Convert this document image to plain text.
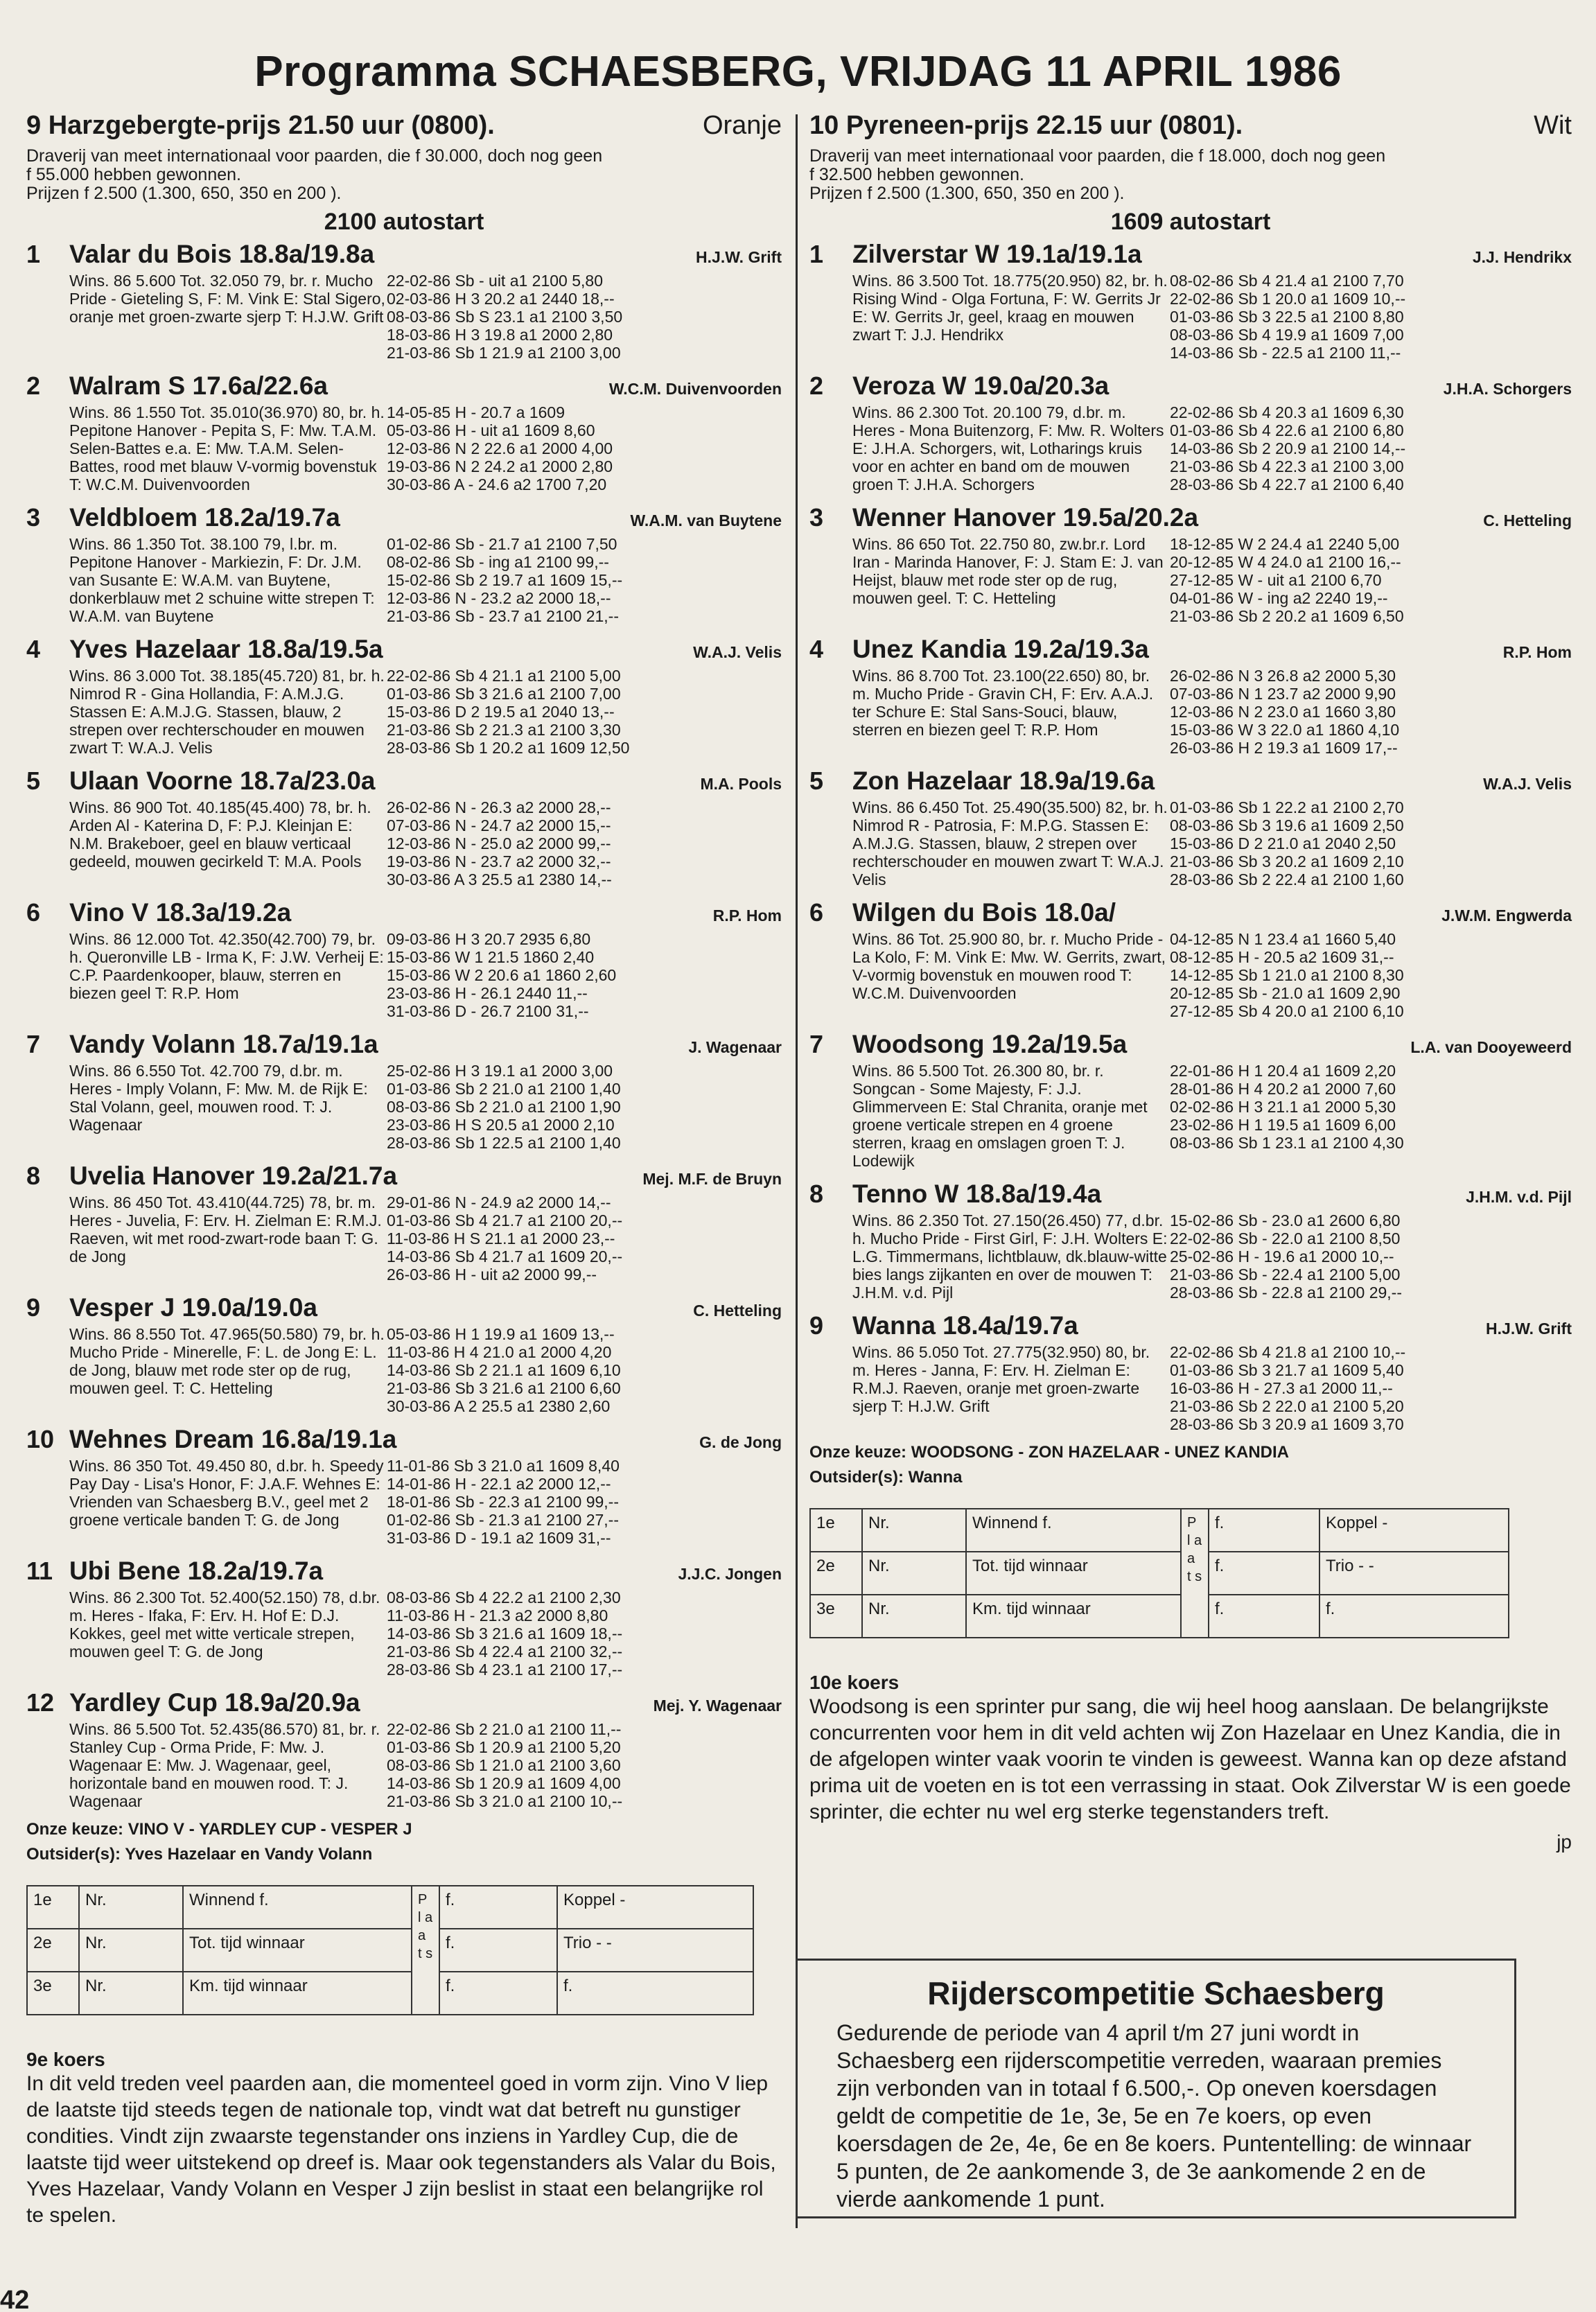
Programma SCHAESBERG, VRIJDAG 11 APRIL 1986
9 Harzgebergte-prijs 21.50 uur (0800).	Oranje
Draverij van meet internationaal voor paarden, die f 30.000, doch nog geen
f 55.000 hebben gewonnen.
Prijzen f 2.500 (1.300, 650, 350 en 200 ).
2100 autostart
1	Valar du Bois 18.8a/19.8a	H.J.W. Grift
Wins. 86 5.600 Tot. 32.050 79, br. r. Mucho Pride - Gieteling S, F: M. Vink E: Stal Sigero, oranje met groen-zwarte sjerp T: H.J.W. Grift
22-02-86 Sb - uit a1 2100 5,80
02-03-86 H 3 20.2 a1 2440 18,--
08-03-86 Sb S 23.1 a1 2100 3,50
18-03-86 H 3 19.8 a1 2000 2,80
21-03-86 Sb 1 21.9 a1 2100 3,00
2	Walram S 17.6a/22.6a	W.C.M. Duivenvoorden
Wins. 86 1.550 Tot. 35.010(36.970) 80, br. h. Pepitone Hanover - Pepita S, F: Mw. T.A.M. Selen-Battes e.a. E: Mw. T.A.M. Selen-Battes, rood met blauw V-vormig bovenstuk T: W.C.M. Duivenvoorden
14-05-85 H - 20.7 a 1609
05-03-86 H - uit a1 1609 8,60
12-03-86 N 2 22.6 a1 2000 4,00
19-03-86 N 2 24.2 a1 2000 2,80
30-03-86 A - 24.6 a2 1700 7,20
3	Veldbloem 18.2a/19.7a	W.A.M. van Buytene
Wins. 86 1.350 Tot. 38.100 79, l.br. m. Pepitone Hanover - Markiezin, F: Dr. J.M. van Susante E: W.A.M. van Buytene, donkerblauw met 2 schuine witte strepen T: W.A.M. van Buytene
01-02-86 Sb - 21.7 a1 2100 7,50
08-02-86 Sb - ing a1 2100 99,--
15-02-86 Sb 2 19.7 a1 1609 15,--
12-03-86 N - 23.2 a2 2000 18,--
21-03-86 Sb - 23.7 a1 2100 21,--
4	Yves Hazelaar 18.8a/19.5a	W.A.J. Velis
Wins. 86 3.000 Tot. 38.185(45.720) 81, br. h. Nimrod R - Gina Hollandia, F: A.M.J.G. Stassen E: A.M.J.G. Stassen, blauw, 2 strepen over rechterschouder en mouwen zwart T: W.A.J. Velis
22-02-86 Sb 4 21.1 a1 2100 5,00
01-03-86 Sb 3 21.6 a1 2100 7,00
15-03-86 D 2 19.5 a1 2040 13,--
21-03-86 Sb 2 21.3 a1 2100 3,30
28-03-86 Sb 1 20.2 a1 1609 12,50
5	Ulaan Voorne 18.7a/23.0a	M.A. Pools
Wins. 86 900 Tot. 40.185(45.400) 78, br. h. Arden Al - Katerina D, F: P.J. Kleinjan E: N.M. Brakeboer, geel en blauw verticaal gedeeld, mouwen gecirkeld T: M.A. Pools
26-02-86 N - 26.3 a2 2000 28,--
07-03-86 N - 24.7 a2 2000 15,--
12-03-86 N - 25.0 a2 2000 99,--
19-03-86 N - 23.7 a2 2000 32,--
30-03-86 A 3 25.5 a1 2380 14,--
6	Vino V 18.3a/19.2a	R.P. Hom
Wins. 86 12.000 Tot. 42.350(42.700) 79, br. h. Queronville LB - Irma K, F: J.W. Verheij E: C.P. Paardenkooper, blauw, sterren en biezen geel T: R.P. Hom
09-03-86 H 3 20.7 2935 6,80
15-03-86 W 1 21.5 1860 2,40
15-03-86 W 2 20.6 a1 1860 2,60
23-03-86 H - 26.1 2440 11,--
31-03-86 D - 26.7 2100 31,--
7	Vandy Volann 18.7a/19.1a	J. Wagenaar
Wins. 86 6.550 Tot. 42.700 79, d.br. m. Heres - Imply Volann, F: Mw. M. de Rijk E: Stal Volann, geel, mouwen rood. T: J. Wagenaar
25-02-86 H 3 19.1 a1 2000 3,00
01-03-86 Sb 2 21.0 a1 2100 1,40
08-03-86 Sb 2 21.0 a1 2100 1,90
23-03-86 H S 20.5 a1 2000 2,10
28-03-86 Sb 1 22.5 a1 2100 1,40
8	Uvelia Hanover 19.2a/21.7a	Mej. M.F. de Bruyn
Wins. 86 450 Tot. 43.410(44.725) 78, br. m. Heres - Juvelia, F: Erv. H. Zielman E: R.M.J. Raeven, wit met rood-zwart-rode baan T: G. de Jong
29-01-86 N - 24.9 a2 2000 14,--
01-03-86 Sb 4 21.7 a1 2100 20,--
11-03-86 H S 21.1 a1 2000 23,--
14-03-86 Sb 4 21.7 a1 1609 20,--
26-03-86 H - uit a2 2000 99,--
9	Vesper J 19.0a/19.0a	C. Hetteling
Wins. 86 8.550 Tot. 47.965(50.580) 79, br. h. Mucho Pride - Minerelle, F: L. de Jong E: L. de Jong, blauw met rode ster op de rug, mouwen geel. T: C. Hetteling
05-03-86 H 1 19.9 a1 1609 13,--
11-03-86 H 4 21.0 a1 2000 4,20
14-03-86 Sb 2 21.1 a1 1609 6,10
21-03-86 Sb 3 21.6 a1 2100 6,60
30-03-86 A 2 25.5 a1 2380 2,60
10 Wehnes Dream 16.8a/19.1a	G. de Jong
Wins. 86 350 Tot. 49.450 80, d.br. h. Speedy Pay Day - Lisa's Honor, F: J.A.F. Wehnes E: Vrienden van Schaesberg B.V., geel met 2 groene verticale banden T: G. de Jong
11-01-86 Sb 3 21.0 a1 1609 8,40
14-01-86 H - 22.1 a2 2000 12,--
18-01-86 Sb - 22.3 a1 2100 99,--
01-02-86 Sb - 21.3 a1 2100 27,--
31-03-86 D - 19.1 a2 1609 31,--
11 Ubi Bene 18.2a/19.7a	J.J.C. Jongen
Wins. 86 2.300 Tot. 52.400(52.150) 78, d.br. m. Heres - Ifaka, F: Erv. H. Hof E: D.J. Kokkes, geel met witte verticale strepen, mouwen geel T: G. de Jong
08-03-86 Sb 4 22.2 a1 2100 2,30
11-03-86 H - 21.3 a2 2000 8,80
14-03-86 Sb 3 21.6 a1 1609 18,--
21-03-86 Sb 4 22.4 a1 2100 32,--
28-03-86 Sb 4 23.1 a1 2100 17,--
12 Yardley Cup 18.9a/20.9a	Mej. Y. Wagenaar
Wins. 86 5.500 Tot. 52.435(86.570) 81, br. r. Stanley Cup - Orma Pride, F: Mw. J. Wagenaar E: Mw. J. Wagenaar, geel, horizontale band en mouwen rood. T: J. Wagenaar
22-02-86 Sb 2 21.0 a1 2100 11,--
01-03-86 Sb 1 20.9 a1 2100 5,20
08-03-86 Sb 1 21.0 a1 2100 3,60
14-03-86 Sb 1 20.9 a1 1609 4,00
21-03-86 Sb 3 21.0 a1 2100 10,--
Onze keuze: VINO V - YARDLEY CUP - VESPER J
Outsider(s): Yves Hazelaar en Vandy Volann
1e	Nr.	Winnend f.	P l a a t s	f.	Koppel -
2e	Nr.	Tot. tijd winnaar		f.	Trio - -
3e	Nr.	Km. tijd winnaar		f.	f.
9e koers
In dit veld treden veel paarden aan, die momenteel goed in vorm zijn. Vino V liep de laatste tijd steeds tegen de nationale top, vindt wat dat betreft nu gunstiger condities. Vindt zijn zwaarste tegenstander ons inziens in Yardley Cup, die de laatste tijd weer uitstekend op dreef is. Maar ook tegenstanders als Valar du Bois, Yves Hazelaar, Vandy Volann en Vesper J zijn beslist in staat een belangrijke rol te spelen.
10 Pyreneen-prijs 22.15 uur (0801).	Wit
Draverij van meet internationaal voor paarden, die f 18.000, doch nog geen
f 32.500 hebben gewonnen.
Prijzen f 2.500 (1.300, 650, 350 en 200 ).
1609 autostart
1	Zilverstar W 19.1a/19.1a	J.J. Hendrikx
Wins. 86 3.500 Tot. 18.775(20.950) 82, br. h. Rising Wind - Olga Fortuna, F: W. Gerrits Jr E: W. Gerrits Jr, geel, kraag en mouwen zwart T: J.J. Hendrikx
08-02-86 Sb 4 21.4 a1 2100 7,70
22-02-86 Sb 1 20.0 a1 1609 10,--
01-03-86 Sb 3 22.5 a1 2100 8,80
08-03-86 Sb 4 19.9 a1 1609 7,00
14-03-86 Sb - 22.5 a1 2100 11,--
2	Veroza W 19.0a/20.3a	J.H.A. Schorgers
Wins. 86 2.300 Tot. 20.100 79, d.br. m. Heres - Mona Buitenzorg, F: Mw. R. Wolters E: J.H.A. Schorgers, wit, Lotharings kruis voor en achter en band om de mouwen groen T: J.H.A. Schorgers
22-02-86 Sb 4 20.3 a1 1609 6,30
01-03-86 Sb 4 22.6 a1 2100 6,80
14-03-86 Sb 2 20.9 a1 2100 14,--
21-03-86 Sb 4 22.3 a1 2100 3,00
28-03-86 Sb 4 22.7 a1 2100 6,40
3	Wenner Hanover 19.5a/20.2a	C. Hetteling
Wins. 86 650 Tot. 22.750 80, zw.br.r. Lord Iran - Marinda Hanover, F: J. Stam E: J. van Heijst, blauw met rode ster op de rug, mouwen geel. T: C. Hetteling
18-12-85 W 2 24.4 a1 2240 5,00
20-12-85 W 4 24.0 a1 2100 16,--
27-12-85 W - uit a1 2100 6,70
04-01-86 W - ing a2 2240 19,--
21-03-86 Sb 2 20.2 a1 1609 6,50
4	Unez Kandia 19.2a/19.3a	R.P. Hom
Wins. 86 8.700 Tot. 23.100(22.650) 80, br. m. Mucho Pride - Gravin CH, F: Erv. A.A.J. ter Schure E: Stal Sans-Souci, blauw, sterren en biezen geel T: R.P. Hom
26-02-86 N 3 26.8 a2 2000 5,30
07-03-86 N 1 23.7 a2 2000 9,90
12-03-86 N 2 23.0 a1 1660 3,80
15-03-86 W 3 22.0 a1 1860 4,10
26-03-86 H 2 19.3 a1 1609 17,--
5	Zon Hazelaar 18.9a/19.6a	W.A.J. Velis
Wins. 86 6.450 Tot. 25.490(35.500) 82, br. h. Nimrod R - Patrosia, F: M.P.G. Stassen E: A.M.J.G. Stassen, blauw, 2 strepen over rechterschouder en mouwen zwart T: W.A.J. Velis
01-03-86 Sb 1 22.2 a1 2100 2,70
08-03-86 Sb 3 19.6 a1 1609 2,50
15-03-86 D 2 21.0 a1 2040 2,50
21-03-86 Sb 3 20.2 a1 1609 2,10
28-03-86 Sb 2 22.4 a1 2100 1,60
6	Wilgen du Bois 18.0a/	J.W.M. Engwerda
Wins. 86 Tot. 25.900 80, br. r. Mucho Pride - La Kolo, F: M. Vink E: Mw. W. Gerrits, zwart, V-vormig bovenstuk en mouwen rood T: W.C.M. Duivenvoorden
04-12-85 N 1 23.4 a1 1660 5,40
08-12-85 H - 20.5 a2 1609 31,--
14-12-85 Sb 1 21.0 a1 2100 8,30
20-12-85 Sb - 21.0 a1 1609 2,90
27-12-85 Sb 4 20.0 a1 2100 6,10
7	Woodsong 19.2a/19.5a	L.A. van Dooyeweerd
Wins. 86 5.500 Tot. 26.300 80, br. r. Songcan - Some Majesty, F: J.J. Glimmerveen E: Stal Chranita, oranje met groene verticale strepen en 4 groene sterren, kraag en omslagen groen T: J. Lodewijk
22-01-86 H 1 20.4 a1 1609 2,20
28-01-86 H 4 20.2 a1 2000 7,60
02-02-86 H 3 21.1 a1 2000 5,30
23-02-86 H 1 19.5 a1 1609 6,00
08-03-86 Sb 1 23.1 a1 2100 4,30
8	Tenno W 18.8a/19.4a	J.H.M. v.d. Pijl
Wins. 86 2.350 Tot. 27.150(26.450) 77, d.br. h. Mucho Pride - First Girl, F: J.H. Wolters E: L.G. Timmermans, lichtblauw, dk.blauw-witte bies langs zijkanten en over de mouwen T: J.H.M. v.d. Pijl
15-02-86 Sb - 23.0 a1 2600 6,80
22-02-86 Sb - 22.0 a1 2100 8,50
25-02-86 H - 19.6 a1 2000 10,--
21-03-86 Sb - 22.4 a1 2100 5,00
28-03-86 Sb - 22.8 a1 2100 29,--
9	Wanna 18.4a/19.7a	H.J.W. Grift
Wins. 86 5.050 Tot. 27.775(32.950) 80, br. m. Heres - Janna, F: Erv. H. Zielman E: R.M.J. Raeven, oranje met groen-zwarte sjerp T: H.J.W. Grift
22-02-86 Sb 4 21.8 a1 2100 10,--
01-03-86 Sb 3 21.7 a1 1609 5,40
16-03-86 H - 27.3 a1 2000 11,--
21-03-86 Sb 2 22.0 a1 2100 5,20
28-03-86 Sb 3 20.9 a1 1609 3,70
Onze keuze: WOODSONG - ZON HAZELAAR - UNEZ KANDIA
Outsider(s): Wanna
1e	Nr.	Winnend f.	P l a a t s	f.	Koppel -
2e	Nr.	Tot. tijd winnaar		f.	Trio - -
3e	Nr.	Km. tijd winnaar		f.	f.
10e koers
Woodsong is een sprinter pur sang, die wij heel hoog aanslaan. De belangrijkste concurrenten voor hem in dit veld achten wij Zon Hazelaar en Unez Kandia, die in de afgelopen winter vaak voorin te vinden is geweest. Wanna kan op deze afstand prima uit de voeten en is tot een verrassing in staat. Ook Zilverstar W is een goede sprinter, die echter nu wel erg sterke tegenstanders treft.
jp
Rijderscompetitie Schaesberg
Gedurende de periode van 4 april t/m 27 juni wordt in Schaesberg een rijderscompetitie verreden, waaraan premies zijn verbonden van in totaal f 6.500,-. Op oneven koersdagen geldt de competitie de 1e, 3e, 5e en 7e koers, op even koersdagen de 2e, 4e, 6e en 8e koers. Puntentelling: de winnaar 5 punten, de 2e aankomende 3, de 3e aankomende 2 en de vierde aankomende 1 punt.
42
